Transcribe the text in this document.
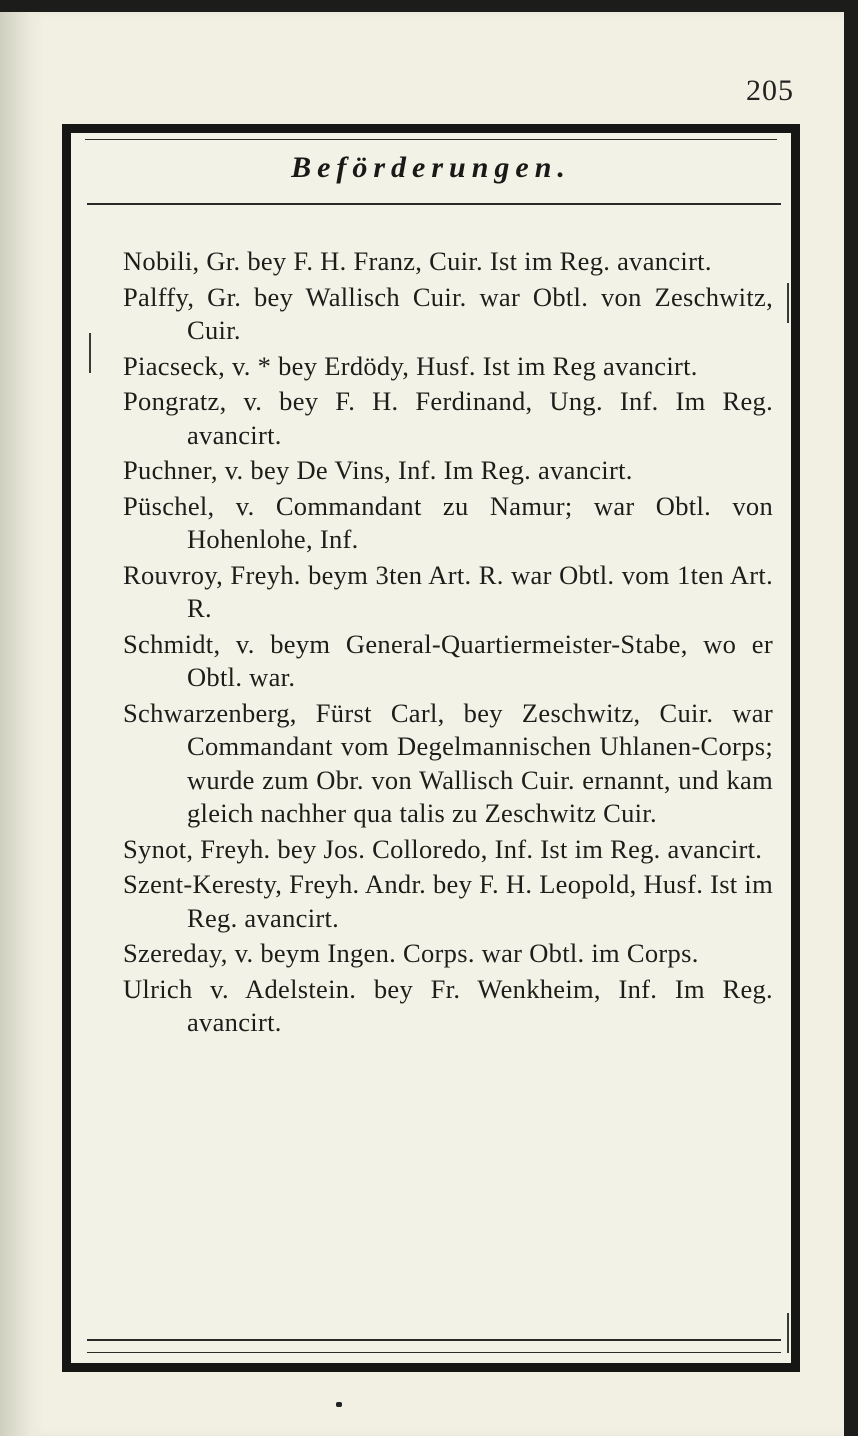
205
Beförderungen.
Nobili, Gr. bey F. H. Franz, Cuir. Ist im Reg. avancirt.
Palffy, Gr. bey Wallisch Cuir. war Obtl. von Zeschwitz, Cuir.
Piacseck, v. * bey Erdödy, Husf. Ist im Reg avancirt.
Pongratz, v. bey F. H. Ferdinand, Ung. Inf. Im Reg. avancirt.
Puchner, v. bey De Vins, Inf. Im Reg. avancirt.
Püschel, v. Commandant zu Namur; war Obtl. von Hohenlohe, Inf.
Rouvroy, Freyh. beym 3ten Art. R. war Obtl. vom 1ten Art. R.
Schmidt, v. beym General-Quartiermeister-Stabe, wo er Obtl. war.
Schwarzenberg, Fürst Carl, bey Zeschwitz, Cuir. war Commandant vom Degelmannischen Uhlanen-Corps; wurde zum Obr. von Wallisch Cuir. ernannt, und kam gleich nachher qua talis zu Zeschwitz Cuir.
Synot, Freyh. bey Jos. Colloredo, Inf. Ist im Reg. avancirt.
Szent-Keresty, Freyh. Andr. bey F. H. Leopold, Husf. Ist im Reg. avancirt.
Szereday, v. beym Ingen. Corps. war Obtl. im Corps.
Ulrich v. Adelstein. bey Fr. Wenkheim, Inf. Im Reg. avancirt.
